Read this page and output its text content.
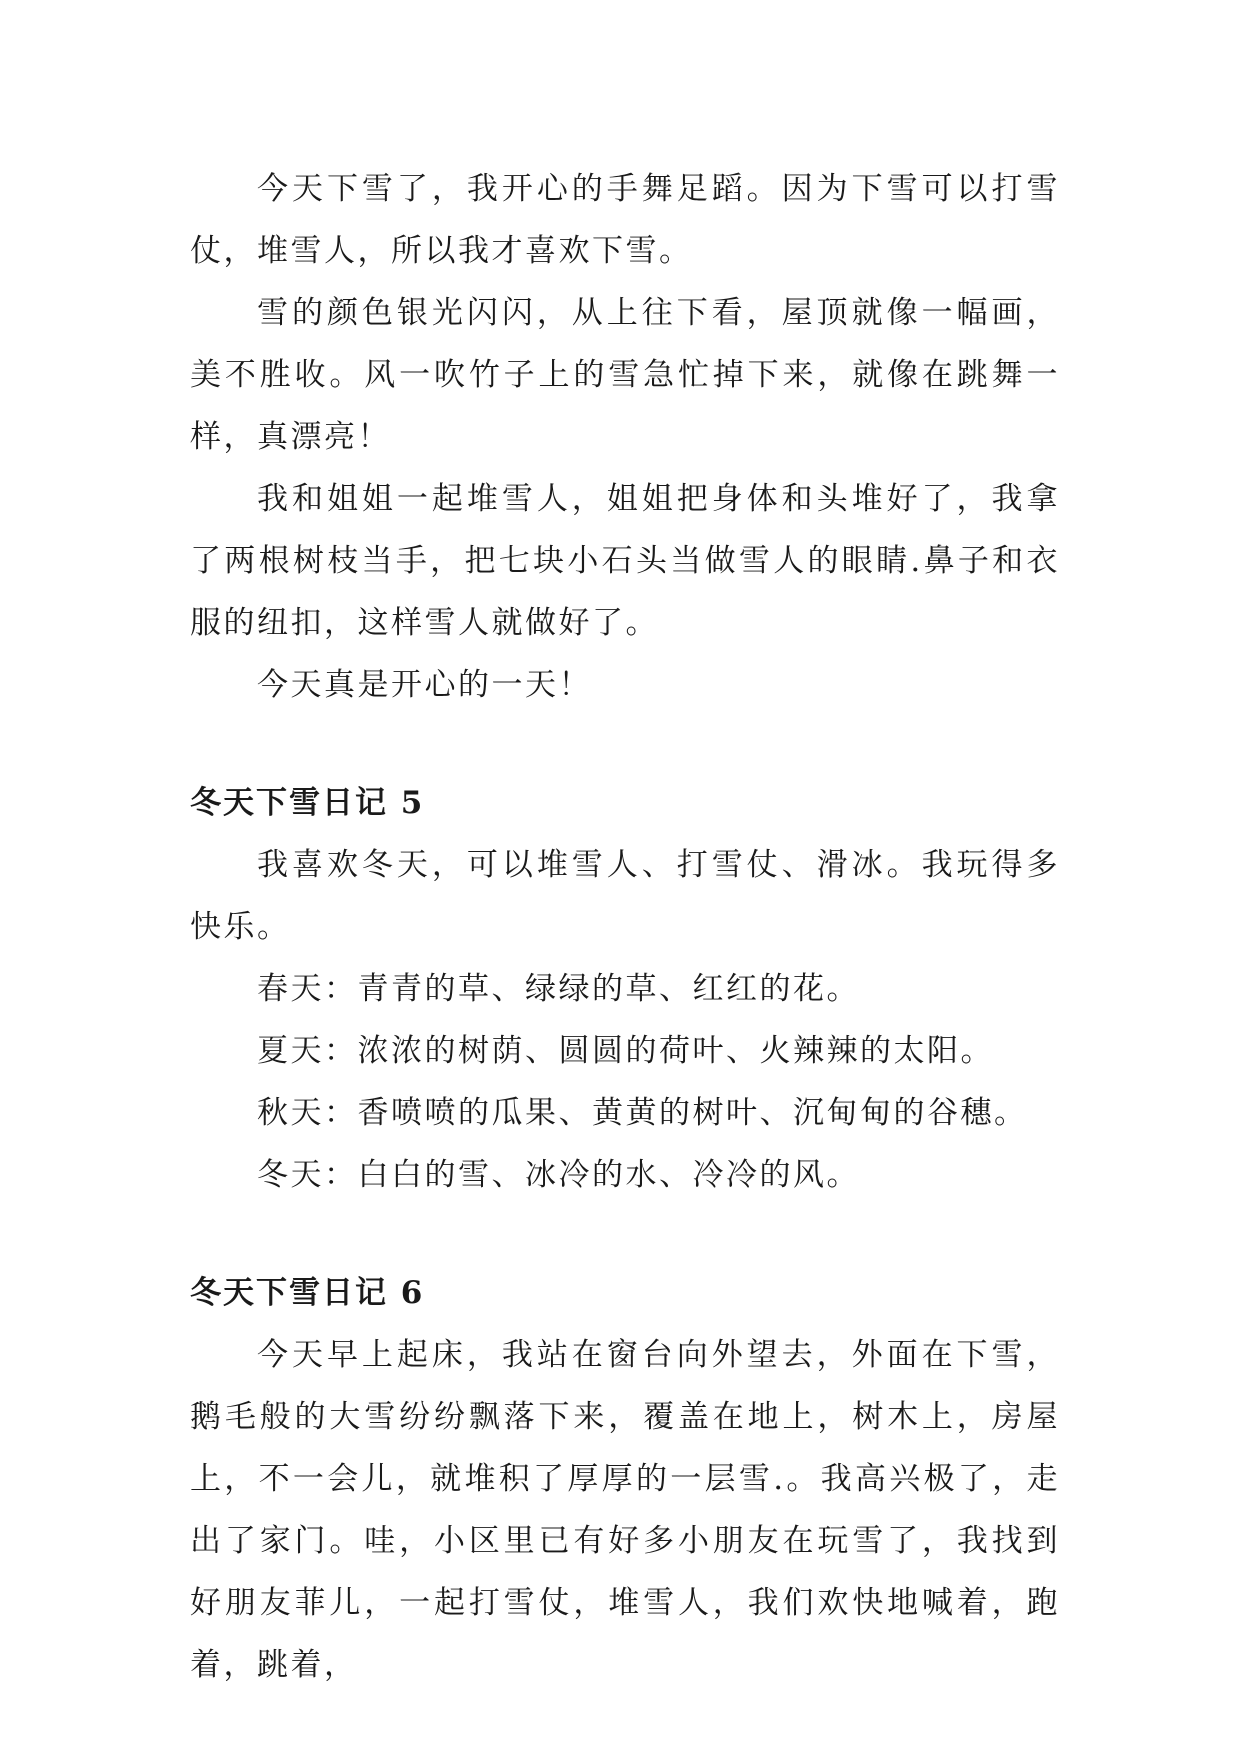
今天下雪了，我开心的手舞足蹈。因为下雪可以打雪仗，堆雪人，所以我才喜欢下雪。

雪的颜色银光闪闪，从上往下看，屋顶就像一幅画，美不胜收。风一吹竹子上的雪急忙掉下来，就像在跳舞一样，真漂亮！

我和姐姐一起堆雪人，姐姐把身体和头堆好了，我拿了两根树枝当手，把七块小石头当做雪人的眼睛.鼻子和衣服的纽扣，这样雪人就做好了。

今天真是开心的一天！

冬天下雪日记 5

我喜欢冬天，可以堆雪人、打雪仗、滑冰。我玩得多快乐。

春天：青青的草、绿绿的草、红红的花。

夏天：浓浓的树荫、圆圆的荷叶、火辣辣的太阳。

秋天：香喷喷的瓜果、黄黄的树叶、沉甸甸的谷穗。

冬天：白白的雪、冰冷的水、冷冷的风。

冬天下雪日记 6

今天早上起床，我站在窗台向外望去，外面在下雪，鹅毛般的大雪纷纷飘落下来，覆盖在地上，树木上，房屋上，不一会儿，就堆积了厚厚的一层雪.。我高兴极了，走出了家门。哇，小区里已有好多小朋友在玩雪了，我找到好朋友菲儿，一起打雪仗，堆雪人，我们欢快地喊着，跑着，跳着，
